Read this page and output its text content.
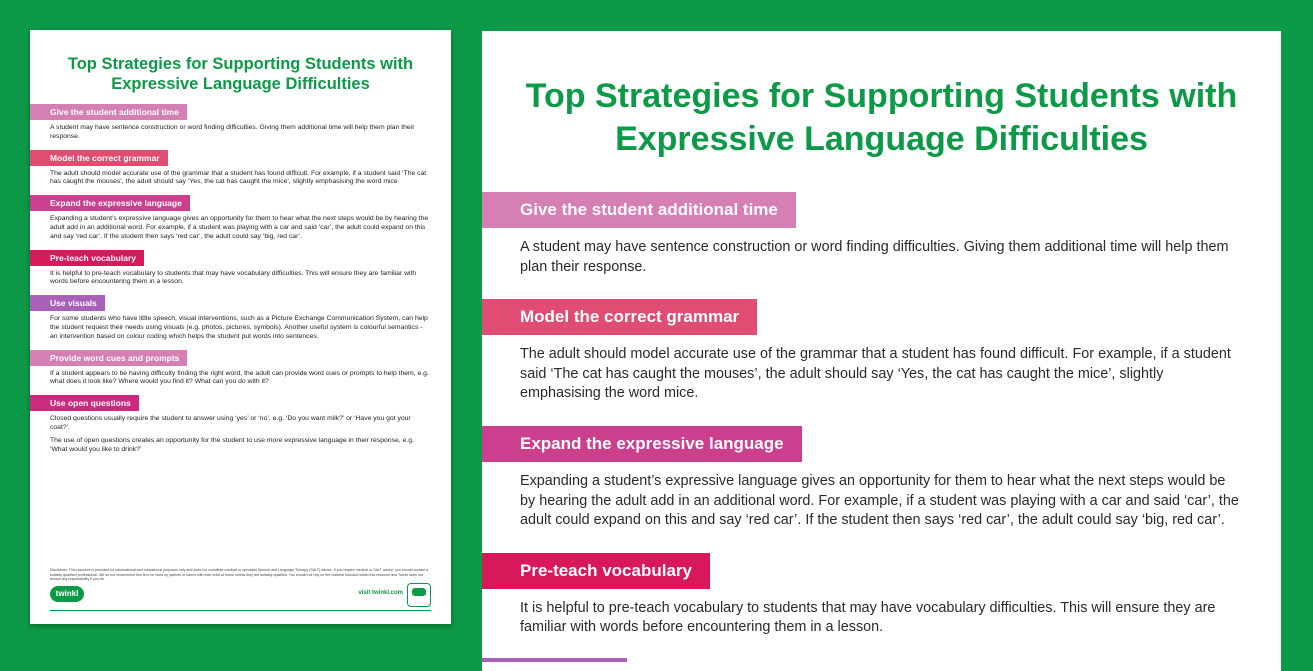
Top Strategies for Supporting Students with Expressive Language Difficulties
Give the student additional time

A student may have sentence construction or word finding difficulties. Giving them additional time will help them plan their response.

Model the correct grammar

The adult should model accurate use of the grammar that a student has found difficult. For example, if a student said ‘The cat has caught the mouses’, the adult should say ‘Yes, the cat has caught the mice’, slightly emphasising the word mice.

Expand the expressive language

Expanding a student’s expressive language gives an opportunity for them to hear what the next steps would be by hearing the adult add in an additional word. For example, if a student was playing with a car and said ‘car’, the adult could expand on this and say ‘red car’. If the student then says ‘red car’, the adult could say ‘big, red car’.

Pre-teach vocabulary

It is helpful to pre-teach vocabulary to students that may have vocabulary difficulties. This will ensure they are familiar with words before encountering them in a lesson.

Use visuals

For some students who have little speech, visual interventions, such as a Picture Exchange Communication System, can help the student request their needs using visuals (e.g. photos, pictures, symbols). Another useful system is colourful semantics - an intervention based on colour coding which helps the student put words into sentences.

Provide word cues and prompts

If a student appears to be having difficulty finding the right word, the adult can provide word cues or prompts to help them, e.g. what does it look like? Where would you find it? What can you do with it?

Use open questions

Closed questions usually require the student to answer using ‘yes’ or ‘no’, e.g. ‘Do you want milk?’ or ‘Have you got your coat?’.

The use of open questions creates an opportunity for the student to use more expressive language in their response, e.g. ‘What would you like to drink?’

Disclaimer: This resource is provided for informational and educational purposes only and does not constitute medical or specialist Speech and Language Therapy (SALT) advice. If you require medical or SALT advice, you should contact a suitably qualified professional. We do not recommend this is to be used by parents or carers with their child at home unless they are suitably qualified. You should not rely on the material included within this resource and Twinkl does not accept any responsibility if you do.
twinkl	visit twinkl.com
Top Strategies for Supporting Students with Expressive Language Difficulties
Give the student additional time

A student may have sentence construction or word finding difficulties. Giving them additional time will help them plan their response.

Model the correct grammar

The adult should model accurate use of the grammar that a student has found difficult. For example, if a student said ‘The cat has caught the mouses’, the adult should say ‘Yes, the cat has caught the mice’, slightly emphasising the word mice.

Expand the expressive language

Expanding a student’s expressive language gives an opportunity for them to hear what the next steps would be by hearing the adult add in an additional word. For example, if a student was playing with a car and said ‘car’, the adult could expand on this and say ‘red car’. If the student then says ‘red car’, the adult could say ‘big, red car’.

Pre-teach vocabulary

It is helpful to pre-teach vocabulary to students that may have vocabulary difficulties. This will ensure they are familiar with words before encountering them in a lesson.
